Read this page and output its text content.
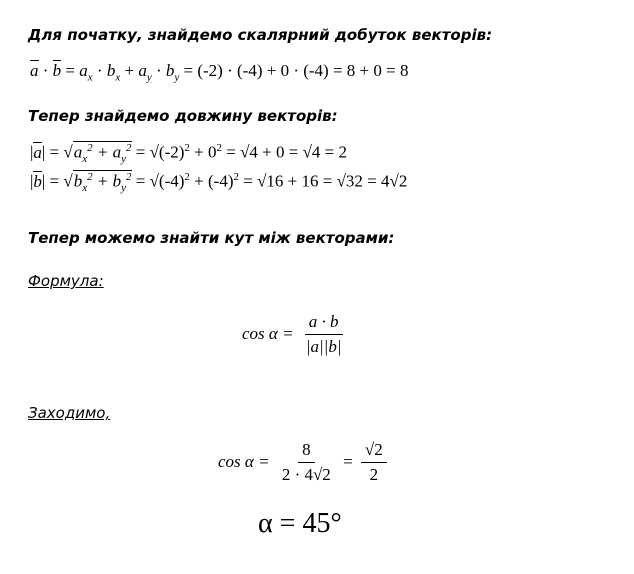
Для початку, знайдемо скалярний добуток векторів:
$a \cdot b = a_x \cdot b_x + a_y \cdot b_y = (-2) \cdot (-4) + 0 \cdot (-4) = 8 + 0 = 8$
Тепер знайдемо довжину векторів:
$|a| = √a_x^2 + a_y^2 = √(-2)^2 + 0^2 = √4 + 0 = √4 = 2$
$|b| = √b_x^2 + b_y^2 = √(-4)^2 + (-4)^2 = √16 + 16 = √32 = 4√2$
Тепер можемо знайти кут між векторами:
Формула:
$\cos \alpha = \frac{a \cdot b}{|a||b|}$
Заходимо,
$\cos \alpha = \frac{8}{2 \cdot 4√2} = \frac{√2}{2}$
α = 45°
